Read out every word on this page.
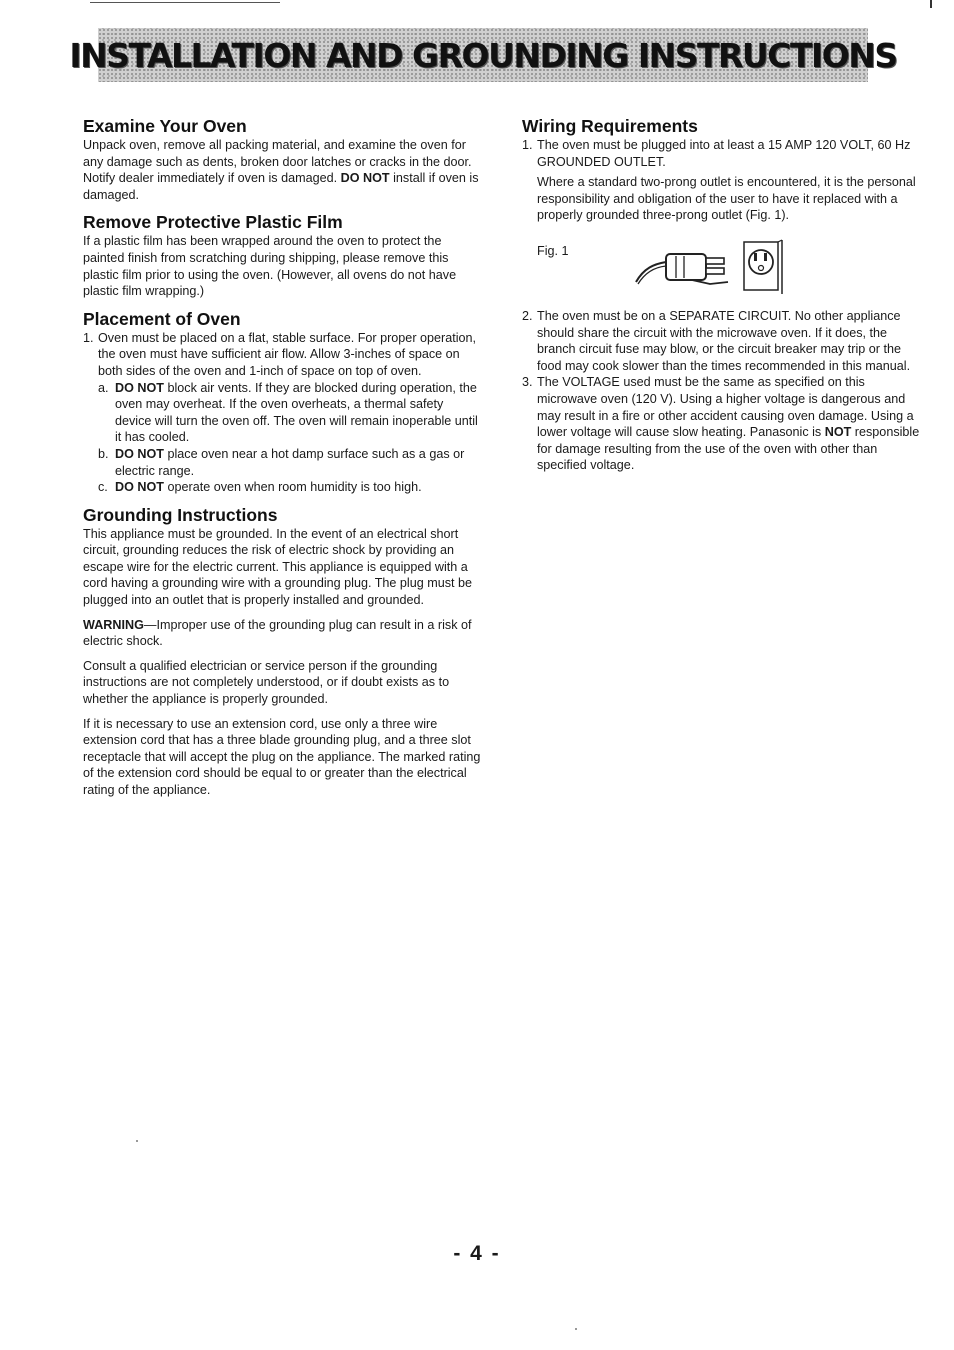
INSTALLATION AND GROUNDING INSTRUCTIONS
Examine Your Oven

Unpack oven, remove all packing material, and examine the oven for any damage such as dents, broken door latches or cracks in the door. Notify dealer immediately if oven is damaged. DO NOT install if oven is damaged.

Remove Protective Plastic Film

If a plastic film has been wrapped around the oven to protect the painted finish from scratching during shipping, please remove this plastic film prior to using the oven. (However, all ovens do not have plastic film wrapping.)

Placement of Oven
1. Oven must be placed on a flat, stable surface. For proper operation, the oven must have sufficient air flow. Allow 3-inches of space on both sides of the oven and 1-inch of space on top of oven.
a. DO NOT block air vents. If they are blocked during operation, the oven may overheat. If the oven overheats, a thermal safety device will turn the oven off. The oven will remain inoperable until it has cooled.
b. DO NOT place oven near a hot damp surface such as a gas or electric range.
c. DO NOT operate oven when room humidity is too high.
Grounding Instructions

This appliance must be grounded. In the event of an electrical short circuit, grounding reduces the risk of electric shock by providing an escape wire for the electric current. This appliance is equipped with a cord having a grounding wire with a grounding plug. The plug must be plugged into an outlet that is properly installed and grounded.

WARNING—Improper use of the grounding plug can result in a risk of electric shock.

Consult a qualified electrician or service person if the grounding instructions are not completely understood, or if doubt exists as to whether the appliance is properly grounded.

If it is necessary to use an extension cord, use only a three wire extension cord that has a three blade grounding plug, and a three slot receptacle that will accept the plug on the appliance. The marked rating of the extension cord should be equal to or greater than the electrical rating of the appliance.

Wiring Requirements
1. The oven must be plugged into at least a 15 AMP 120 VOLT, 60 Hz GROUNDED OUTLET.

Where a standard two-prong outlet is encountered, it is the personal responsibility and obligation of the user to have it replaced with a properly grounded three-prong outlet (Fig. 1).

Fig. 1
2. The oven must be on a SEPARATE CIRCUIT. No other appliance should share the circuit with the microwave oven. If it does, the branch circuit fuse may blow, or the circuit breaker may trip or the food may cook slower than the times recommended in this manual.
3. The VOLTAGE used must be the same as specified on this microwave oven (120 V). Using a higher voltage is dangerous and may result in a fire or other accident causing oven damage. Using a lower voltage will cause slow heating. Panasonic is NOT responsible for damage resulting from the use of the oven with other than specified voltage.
- 4 -
